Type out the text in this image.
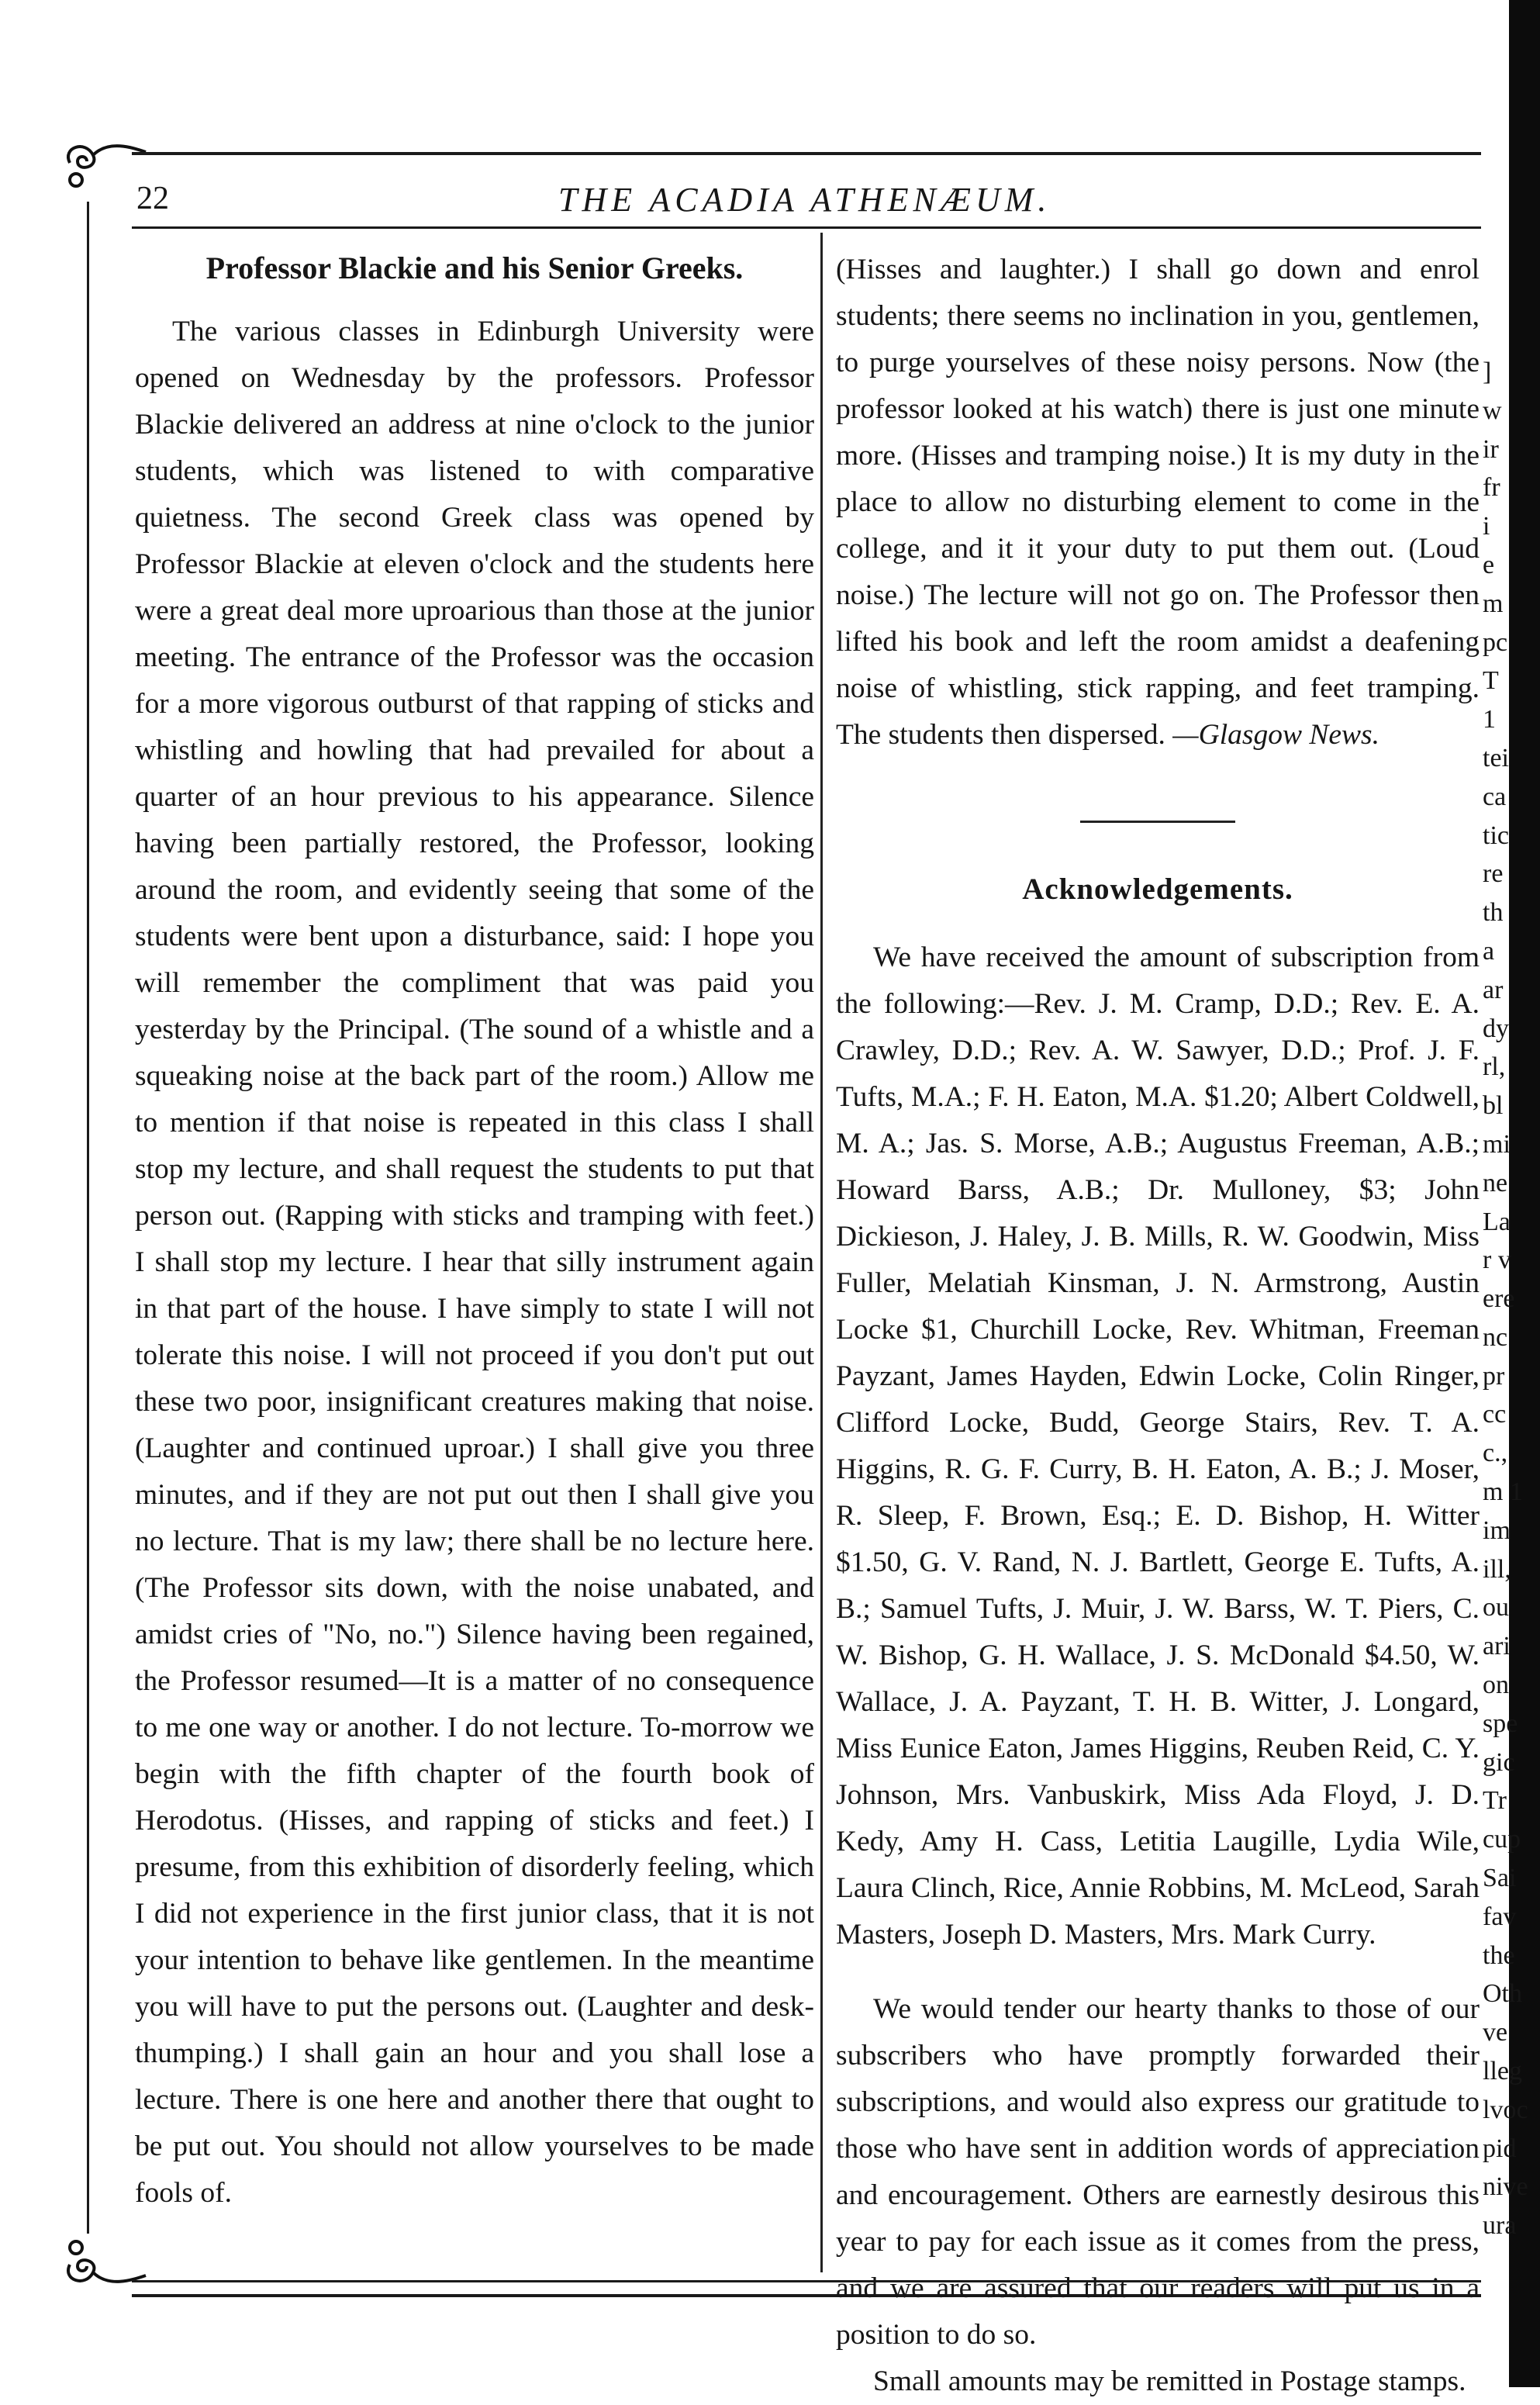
22	THE ACADIA ATHENÆUM.
Professor Blackie and his Senior Greeks.

The various classes in Edinburgh University were opened on Wednesday by the professors. Professor Blackie delivered an address at nine o'clock to the junior students, which was listened to with comparative quietness. The second Greek class was opened by Professor Blackie at eleven o'clock and the students here were a great deal more uproarious than those at the junior meeting. The entrance of the Professor was the occasion for a more vigorous outburst of that rapping of sticks and whistling and howling that had prevailed for about a quarter of an hour previous to his appearance. Silence having been partially restored, the Professor, looking around the room, and evidently seeing that some of the students were bent upon a disturbance, said: I hope you will remember the compliment that was paid you yesterday by the Principal. (The sound of a whistle and a squeaking noise at the back part of the room.) Allow me to mention if that noise is repeated in this class I shall stop my lecture, and shall request the students to put that person out. (Rapping with sticks and tramping with feet.) I shall stop my lecture. I hear that silly instrument again in that part of the house. I have simply to state I will not tolerate this noise. I will not proceed if you don't put out these two poor, insignificant creatures making that noise. (Laughter and continued uproar.) I shall give you three minutes, and if they are not put out then I shall give you no lecture. That is my law; there shall be no lecture here. (The Professor sits down, with the noise unabated, and amidst cries of "No, no.") Silence having been regained, the Professor resumed—It is a matter of no consequence to me one way or another. I do not lecture. To-morrow we begin with the fifth chapter of the fourth book of Herodotus. (Hisses, and rapping of sticks and feet.) I presume, from this exhibition of disorderly feeling, which I did not experience in the first junior class, that it is not your intention to behave like gentlemen. In the meantime you will have to put the persons out. (Laughter and desk-thumping.) I shall gain an hour and you shall lose a lecture. There is one here and another there that ought to be put out. You should not allow yourselves to be made fools of.

(Hisses and laughter.) I shall go down and enrol students; there seems no inclination in you, gentlemen, to purge yourselves of these noisy persons. Now (the professor looked at his watch) there is just one minute more. (Hisses and tramping noise.) It is my duty in the place to allow no disturbing element to come in the college, and it it your duty to put them out. (Loud noise.) The lecture will not go on. The Professor then lifted his book and left the room amidst a deafening noise of whistling, stick rapping, and feet tramping. The students then dispersed. —Glasgow News.

Acknowledgements.

We have received the amount of subscription from the following:—Rev. J. M. Cramp, D.D.; Rev. E. A. Crawley, D.D.; Rev. A. W. Sawyer, D.D.; Prof. J. F. Tufts, M.A.; F. H. Eaton, M.A. $1.20; Albert Coldwell, M. A.; Jas. S. Morse, A.B.; Augustus Freeman, A.B.; Howard Barss, A.B.; Dr. Mulloney, $3; John Dickieson, J. Haley, J. B. Mills, R. W. Goodwin, Miss Fuller, Melatiah Kinsman, J. N. Armstrong, Austin Locke $1, Churchill Locke, Rev. Whitman, Freeman Payzant, James Hayden, Edwin Locke, Colin Ringer, Clifford Locke, Budd, George Stairs, Rev. T. A. Higgins, R. G. F. Curry, B. H. Eaton, A. B.; J. Moser, R. Sleep, F. Brown, Esq.; E. D. Bishop, H. Witter $1.50, G. V. Rand, N. J. Bartlett, George E. Tufts, A. B.; Samuel Tufts, J. Muir, J. W. Barss, W. T. Piers, C. W. Bishop, G. H. Wallace, J. S. McDonald $4.50, W. Wallace, J. A. Payzant, T. H. B. Witter, J. Longard, Miss Eunice Eaton, James Higgins, Reuben Reid, C. Y. Johnson, Mrs. Vanbuskirk, Miss Ada Floyd, J. D. Kedy, Amy H. Cass, Letitia Laugille, Lydia Wile, Laura Clinch, Rice, Annie Robbins, M. McLeod, Sarah Masters, Joseph D. Masters, Mrs. Mark Curry.

We would tender our hearty thanks to those of our subscribers who have promptly forwarded their subscriptions, and would also express our gratitude to those who have sent in addition words of appreciation and encouragement. Others are earnestly desirous this year to pay for each issue as it comes from the press, and we are assured that our readers will put us in a position to do so.

Small amounts may be remitted in Postage stamps.

]
w
ir
fr
i
e
m
pc
T
1
tei
ca
tic
re
th
a
ar
dy
rl,
bl
mi
ne
La
r v
ere
nc
pr
cc
c.,
m 1
im
ill,
ou
ari
on
spe
gic
Tr
cup
Sai
fav
the
Oth
ve
lleg
lvoc
pid
nive
ura
